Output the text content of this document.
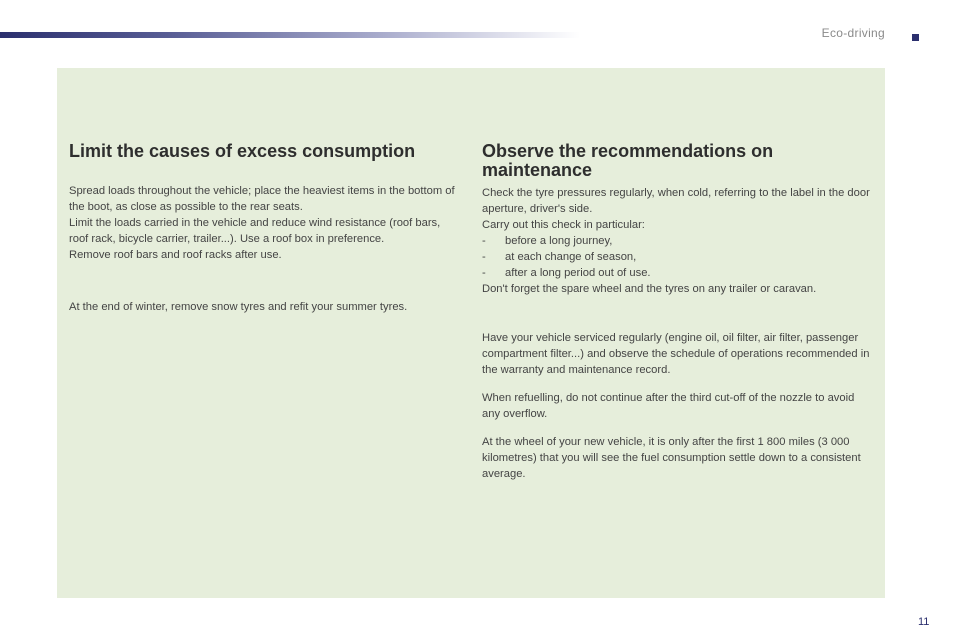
Eco-driving
Limit the causes of excess consumption

Spread loads throughout the vehicle; place the heaviest items in the bottom of the boot, as close as possible to the rear seats.

Limit the loads carried in the vehicle and reduce wind resistance (roof bars, roof rack, bicycle carrier, trailer...). Use a roof box in preference.

Remove roof bars and roof racks after use.

At the end of winter, remove snow tyres and refit your summer tyres.

Observe the recommendations on
maintenance

Check the tyre pressures regularly, when cold, referring to the label in the door aperture, driver's side.

Carry out this check in particular:

-	before a long journey,

-	at each change of season,

-	after a long period out of use.

Don't forget the spare wheel and the tyres on any trailer or caravan.

Have your vehicle serviced regularly (engine oil, oil filter, air filter, passenger compartment filter...) and observe the schedule of operations recommended in the warranty and maintenance record.

When refuelling, do not continue after the third cut-off of the nozzle to avoid any overflow.

At the wheel of your new vehicle, it is only after the first 1 800 miles (3 000 kilometres) that you will see the fuel consumption settle down to a consistent average.

11
